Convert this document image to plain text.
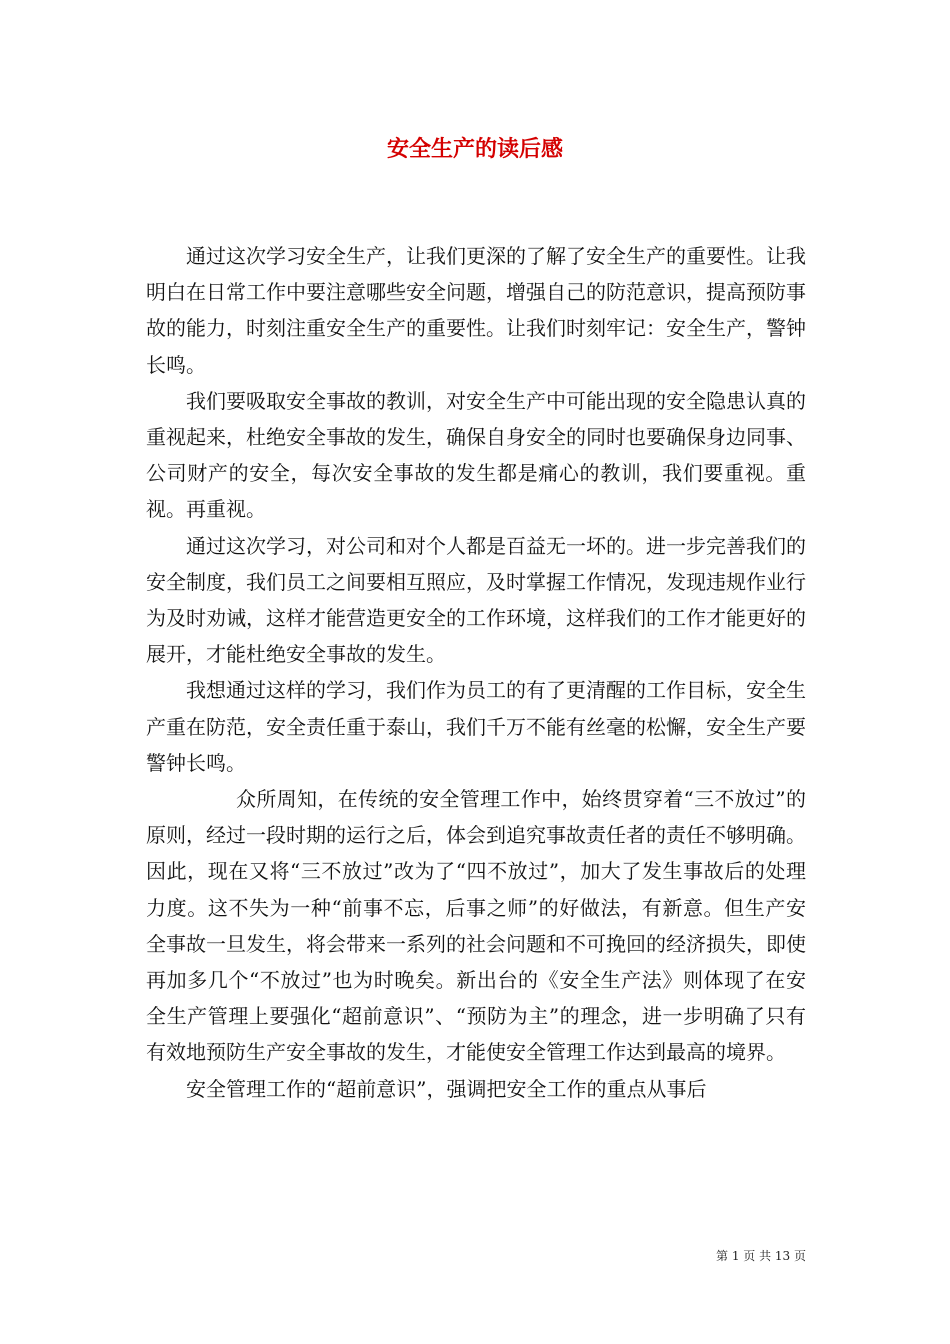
安全生产的读后感

通过这次学习安全生产，让我们更深的了解了安全生产的重要性。让我明白在日常工作中要注意哪些安全问题，增强自己的防范意识，提高预防事故的能力，时刻注重安全生产的重要性。让我们时刻牢记：安全生产，警钟长鸣。

我们要吸取安全事故的教训，对安全生产中可能出现的安全隐患认真的重视起来，杜绝安全事故的发生，确保自身安全的同时也要确保身边同事、公司财产的安全，每次安全事故的发生都是痛心的教训，我们要重视。重视。再重视。

通过这次学习，对公司和对个人都是百益无一坏的。进一步完善我们的安全制度，我们员工之间要相互照应，及时掌握工作情况，发现违规作业行为及时劝诫，这样才能营造更安全的工作环境，这样我们的工作才能更好的展开，才能杜绝安全事故的发生。

我想通过这样的学习，我们作为员工的有了更清醒的工作目标，安全生产重在防范，安全责任重于泰山，我们千万不能有丝毫的松懈，安全生产要警钟长鸣。

众所周知，在传统的安全管理工作中，始终贯穿着“三不放过”的原则，经过一段时期的运行之后，体会到追究事故责任者的责任不够明确。因此，现在又将“三不放过”改为了“四不放过”，加大了发生事故后的处理力度。这不失为一种“前事不忘，后事之师”的好做法，有新意。但生产安全事故一旦发生，将会带来一系列的社会问题和不可挽回的经济损失，即使再加多几个“不放过”也为时晚矣。新出台的《安全生产法》则体现了在安全生产管理上要强化“超前意识”、“预防为主”的理念，进一步明确了只有有效地预防生产安全事故的发生，才能使安全管理工作达到最高的境界。

安全管理工作的“超前意识”，强调把安全工作的重点从事后

第 1 页 共 13 页
